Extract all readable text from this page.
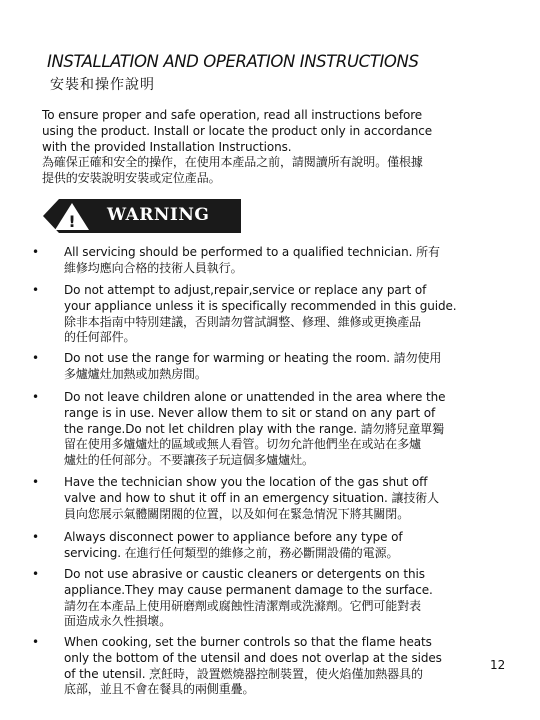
INSTALLATION AND OPERATION INSTRUCTIONS
安裝和操作說明

To ensure proper and safe operation, read all instructions before
using the product. Install or locate the product only in accordance
with the provided Installation Instructions.
為確保正確和安全的操作，在使用本產品之前，請閱讀所有說明。僅根據
提供的安裝說明安裝或定位產品。

! WARNING
• All servicing should be performed to a qualified technician. 所有
維修均應向合格的技術人員執行。
• Do not attempt to adjust,repair,service or replace any part of
your appliance unless it is specifically recommended in this guide.
除非本指南中特別建議，否則請勿嘗試調整、修理、維修或更換產品
的任何部件。
• Do not use the range for warming or heating the room. 請勿使用
多爐爐灶加熱或加熱房間。
• Do not leave children alone or unattended in the area where the
range is in use. Never allow them to sit or stand on any part of
the range.Do not let children play with the range. 請勿將兒童單獨
留在使用多爐爐灶的區域或無人看管。切勿允許他們坐在或站在多爐
爐灶的任何部分。不要讓孩子玩這個多爐爐灶。
• Have the technician show you the location of the gas shut off
valve and how to shut it off in an emergency situation. 讓技術人
員向您展示氣體關閉閥的位置，以及如何在緊急情況下將其關閉。
• Always disconnect power to appliance before any type of
servicing. 在進行任何類型的維修之前，務必斷開設備的電源。
• Do not use abrasive or caustic cleaners or detergents on this
appliance.They may cause permanent damage to the surface.
請勿在本產品上使用研磨劑或腐蝕性清潔劑或洗滌劑。它們可能對表
面造成永久性損壞。
• When cooking, set the burner controls so that the flame heats
only the bottom of the utensil and does not overlap at the sides
of the utensil. 烹飪時，設置燃燒器控制裝置，使火焰僅加熱器具的
底部，並且不會在餐具的兩側重疊。

12
